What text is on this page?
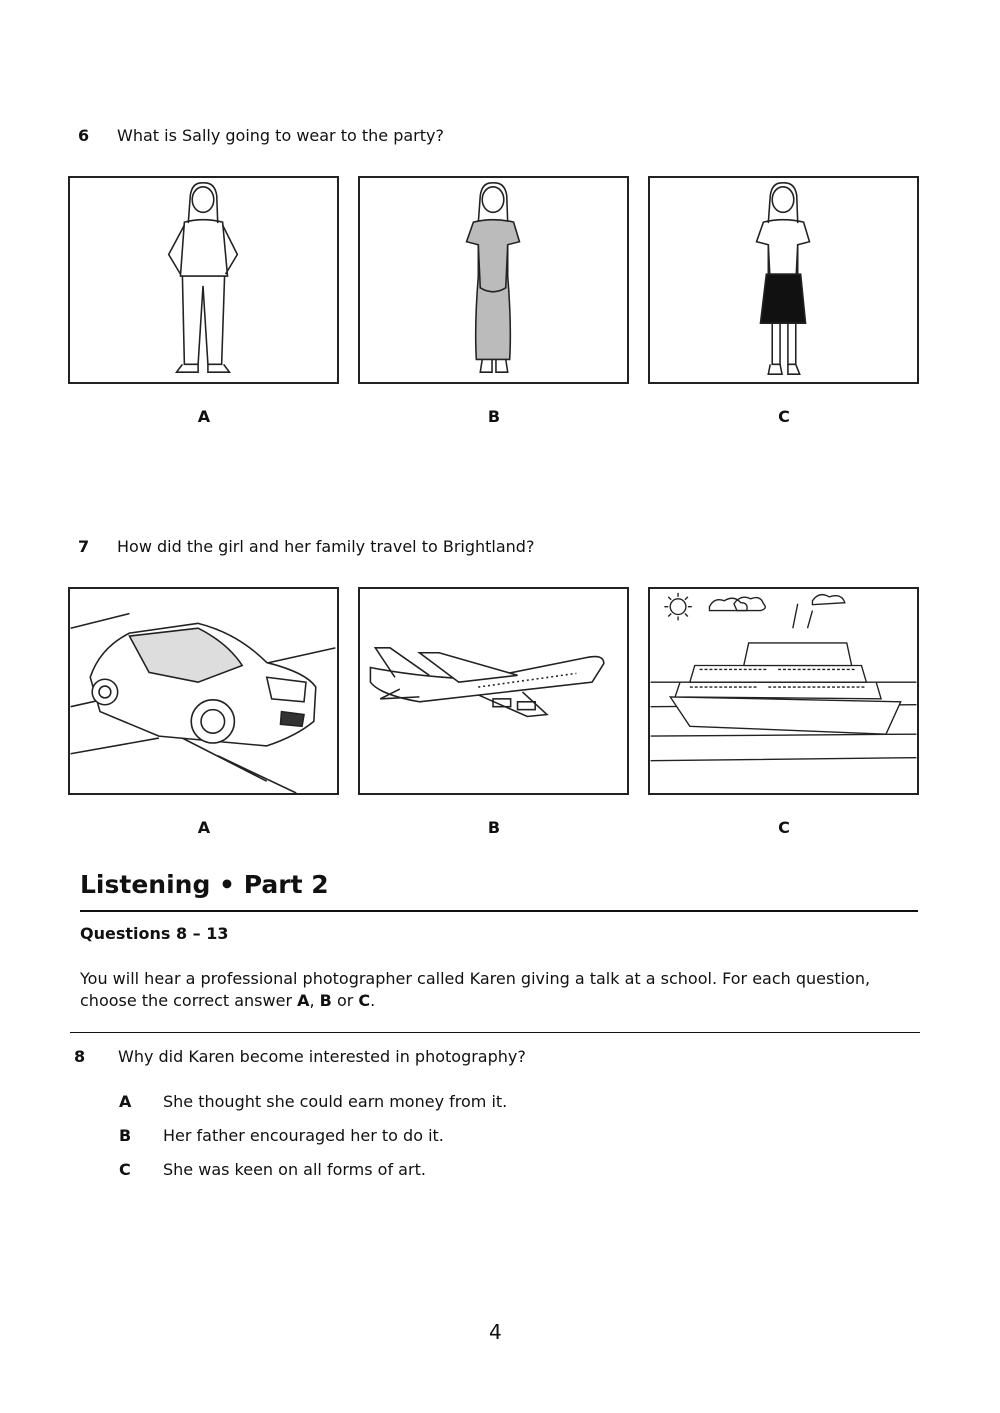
6 What is Sally going to wear to the party?
A	B	C
7 How did the girl and her family travel to Brightland?
A	B	C
Listening • Part 2
Questions 8 – 13
You will hear a professional photographer called Karen giving a talk at a school. For each question, choose the correct answer A, B or C.
8 Why did Karen become interested in photography?
A She thought she could earn money from it.
B Her father encouraged her to do it.
C She was keen on all forms of art.
4
